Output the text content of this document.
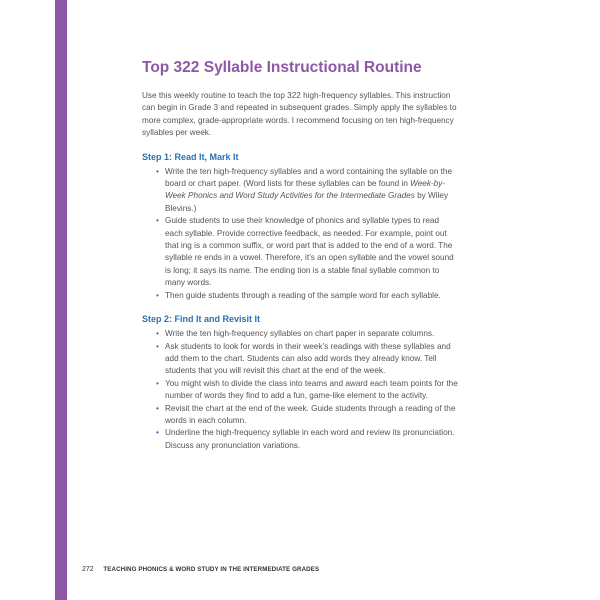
Top 322 Syllable Instructional Routine

Use this weekly routine to teach the top 322 high-frequency syllables. This instruction can begin in Grade 3 and repeated in subsequent grades. Simply apply the syllables to more complex, grade-appropriate words. I recommend focusing on ten high-frequency syllables per week.

Step 1: Read It, Mark It
• Write the ten high-frequency syllables and a word containing the syllable on the board or chart paper. (Word lists for these syllables can be found in Week-by-Week Phonics and Word Study Activities for the Intermediate Grades by Wiley Blevins.)
• Guide students to use their knowledge of phonics and syllable types to read each syllable. Provide corrective feedback, as needed. For example, point out that ing is a common suffix, or word part that is added to the end of a word. The syllable re ends in a vowel. Therefore, it’s an open syllable and the vowel sound is long; it says its name. The ending tion is a stable final syllable common to many words.
• Then guide students through a reading of the sample word for each syllable.
Step 2: Find It and Revisit It
• Write the ten high-frequency syllables on chart paper in separate columns.
• Ask students to look for words in their week’s readings with these syllables and add them to the chart. Students can also add words they already know. Tell students that you will revisit this chart at the end of the week.
• You might wish to divide the class into teams and award each team points for the number of words they find to add a fun, game-like element to the activity.
• Revisit the chart at the end of the week. Guide students through a reading of the words in each column.
• Underline the high-frequency syllable in each word and review its pronunciation. Discuss any pronunciation variations.
272 TEACHING PHONICS & WORD STUDY IN THE INTERMEDIATE GRADES
